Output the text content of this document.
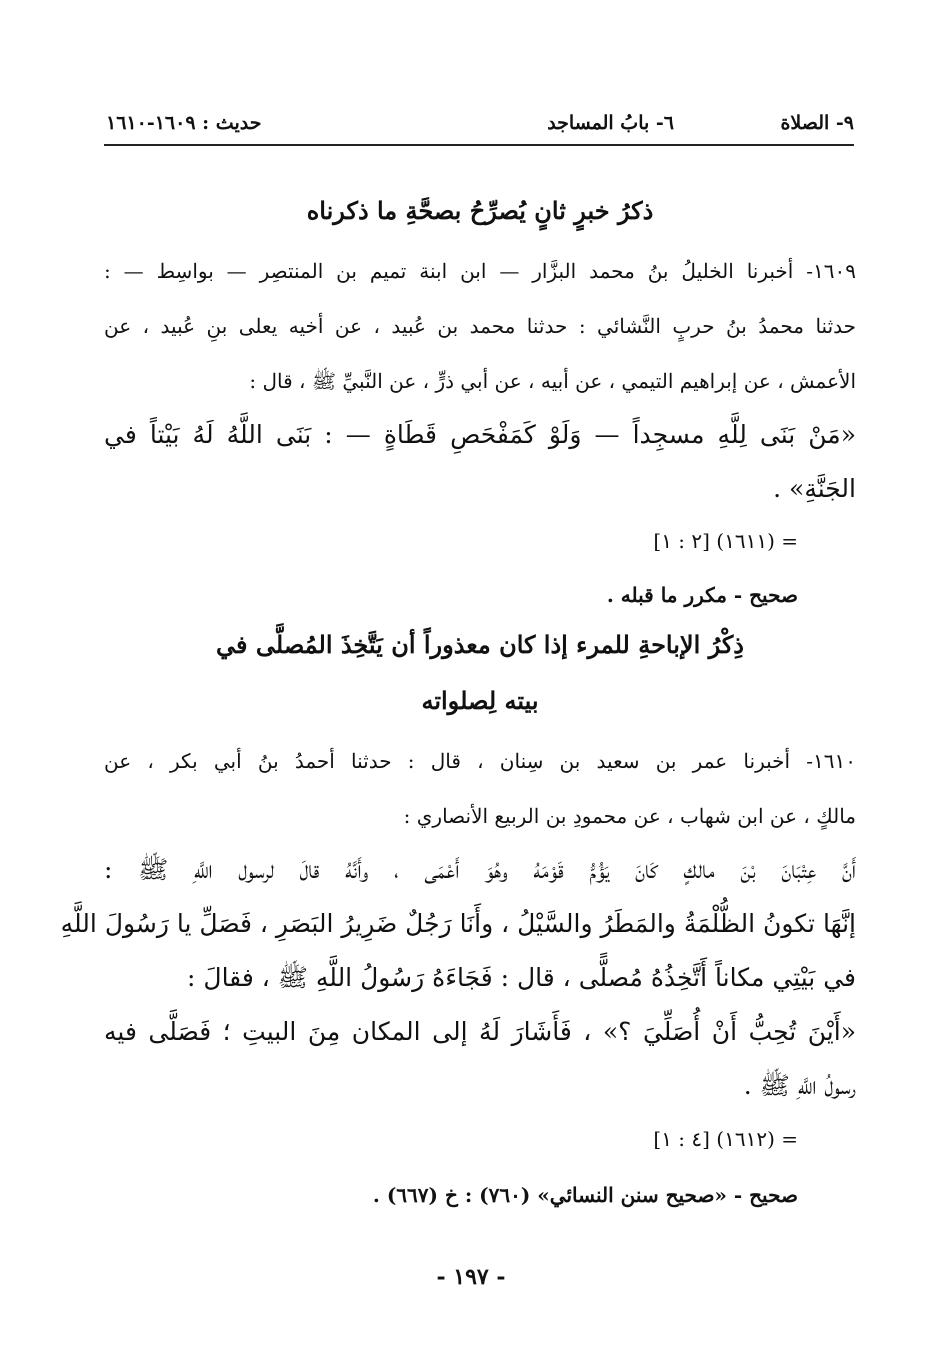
٩- الصلاة
٦- بابُ المساجد
حديث : ١٦٠٩-١٦١٠
ذكرُ خبرٍ ثانٍ يُصرِّحُ بصحَّةِ ما ذكرناه
١٦٠٩- أخبرنا الخليلُ بنُ محمد البزَّار — ابن ابنة تميم بن المنتصِر — بواسِط — :
حدثنا محمدُ بنُ حربٍ النَّشائي : حدثنا محمد بن عُبيد ، عن أخيه يعلى بنِ عُبيد ، عن
الأعمش ، عن إبراهيم التيمي ، عن أبيه ، عن أبي ذرٍّ ، عن النَّبيِّ ﷺ ، قال :
«مَنْ بَنَى لِلَّهِ مسجِداً — وَلَوْ كَمَفْحَصِ قَطَاةٍ — : بَنَى اللَّهُ لَهُ بَيْتاً في
الجَنَّةِ» .
= (١٦١١) [٢ : ١]
صحيح - مكرر ما قبله .
ذِكْرُ الإباحةِ للمرء إذا كان معذوراً أن يَتَّخِذَ المُصلَّى في
بيته لِصلواته
١٦١٠- أخبرنا عمر بن سعيد بن سِنان ، قال : حدثنا أحمدُ بنُ أبي بكر ، عن
مالكٍ ، عن ابن شهاب ، عن محمودِ بن الربيع الأنصاري :
أَنَّ عِتْبَانَ بْنَ مالكٍ كَانَ يَؤُمُّ قَوْمَهُ وهُوَ أَعْمَى ، وأَنَّهُ قالَ لرسول اللَّهِ ﷺ :
إنَّهَا تكونُ الظُّلْمَةُ والمَطَرُ والسَّيْلُ ، وأَنَا رَجُلٌ ضَرِيرُ البَصَرِ ، فَصَلِّ يا رَسُولَ اللَّهِ
في بَيْتِي مكاناً أَتَّخِذُهُ مُصلًّى ، قال : فَجَاءَهُ رَسُولُ اللَّهِ ﷺ ، فقالَ :
«أَيْنَ تُحِبُّ أَنْ أُصَلِّيَ ؟» ، فَأَشَارَ لَهُ إلى المكان مِنَ البيتِ ؛ فَصَلَّى فيه
رسولُ اللَّهِ ﷺ .
= (١٦١٢) [٤ : ١]
صحيح - «صحيح سنن النسائي» (٧٦٠) : خ (٦٦٧) .
- ١٩٧ -
